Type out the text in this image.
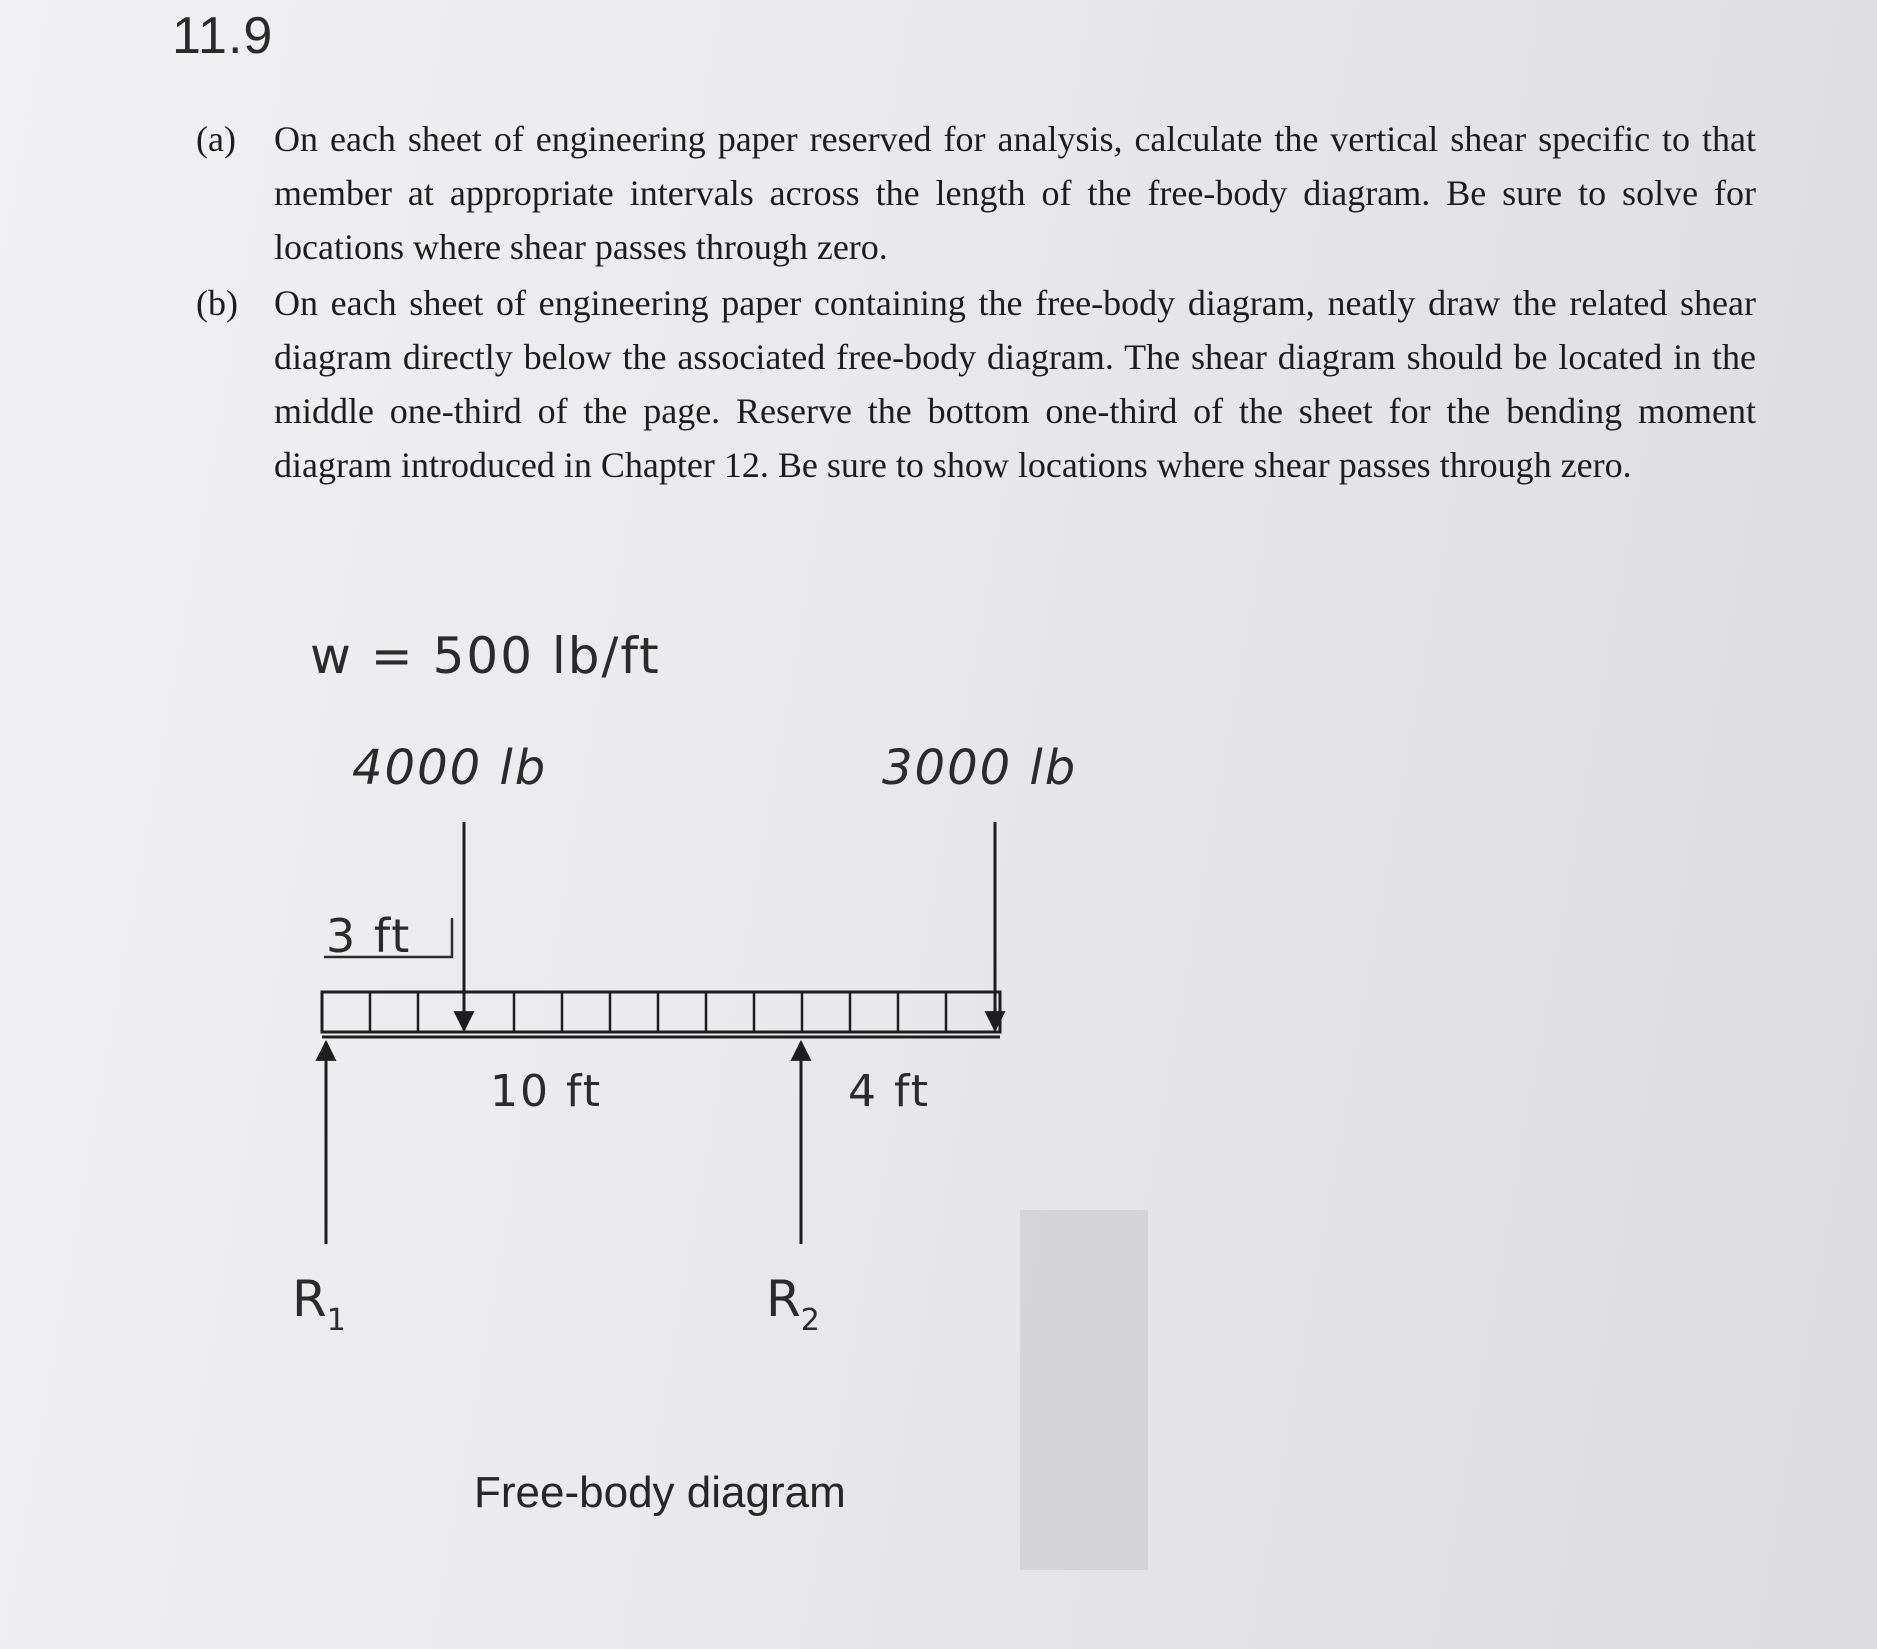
11.9
(a)	On each sheet of engineering paper reserved for analysis, calculate the vertical shear specific to that member at appropriate intervals across the length of the free-body diagram. Be sure to solve for locations where shear passes through zero.
(b)	On each sheet of engineering paper containing the free-body diagram, neatly draw the related shear diagram directly below the associated free-body diagram. The shear diagram should be located in the middle one-third of the page. Reserve the bottom one-third of the sheet for the bending moment diagram introduced in Chapter 12. Be sure to show locations where shear passes through zero.
w = 500 lb/ft
4000 lb	3000 lb
3 ft
10 ft	4 ft
$R_1$	$R_2$
Free-body diagram
